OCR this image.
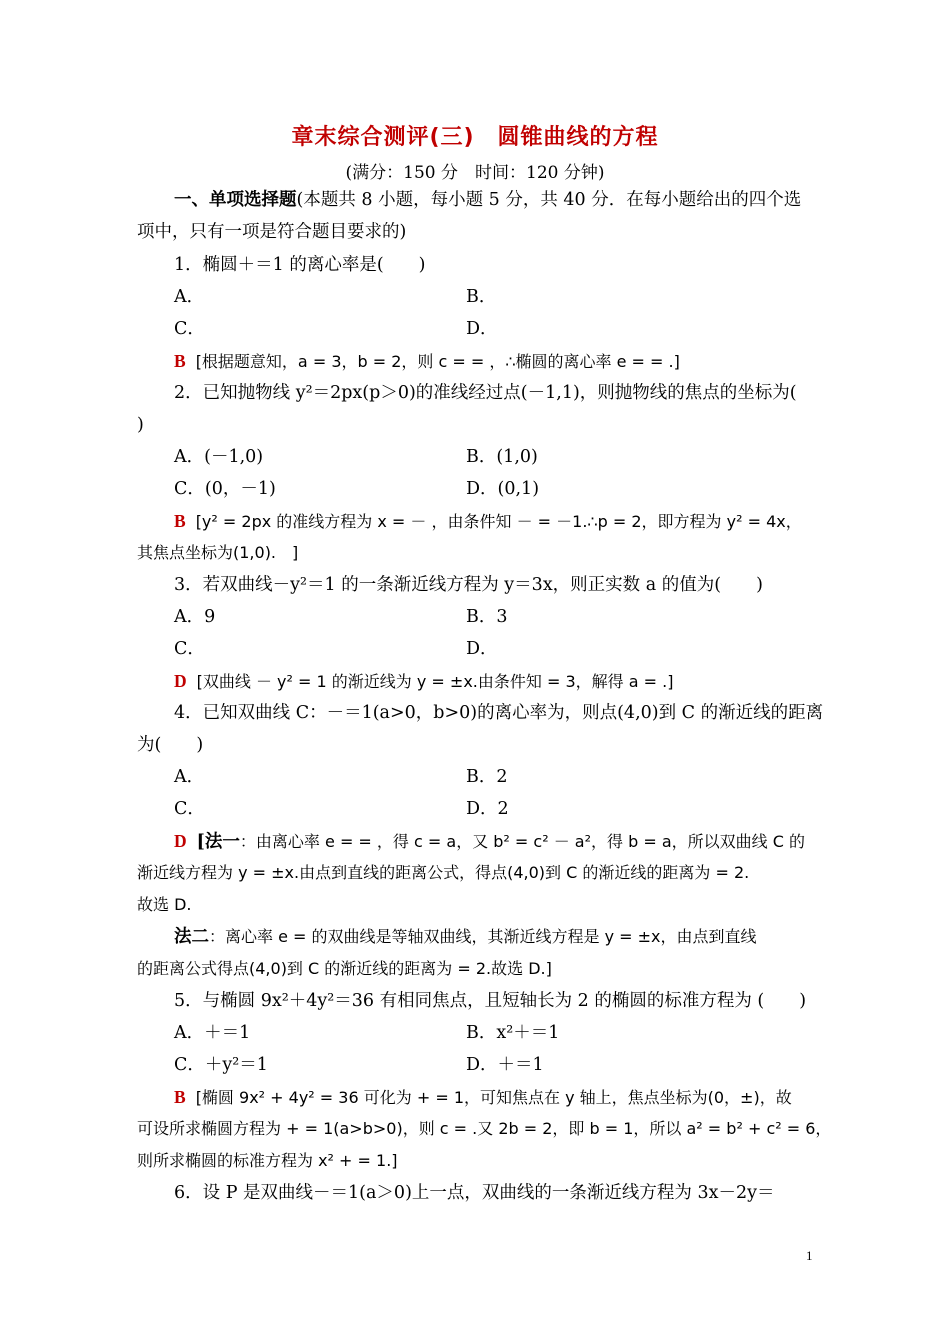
章末综合测评(三)　圆锥曲线的方程
(满分：150 分　时间：120 分钟)
一、单项选择题(本题共 8 小题，每小题 5 分，共 40 分．在每小题给出的四个选
项中，只有一项是符合题目要求的)
1．椭圆＋＝1 的离心率是(　　)
A．	B．
C．	D．
B [根据题意知，a = 3，b = 2，则 c = = ，∴椭圆的离心率 e = = .]
2．已知抛物线 y²＝2px(p＞0)的准线经过点(－1,1)，则抛物线的焦点的坐标为(
)
A．(－1,0)	B．(1,0)
C．(0，－1)	D．(0,1)
B [y² = 2px 的准线方程为 x = － ，由条件知 － = －1.∴p = 2，即方程为 y² = 4x，
其焦点坐标为(1,0).　]
3．若双曲线－y²＝1 的一条渐近线方程为 y＝3x，则正实数 a 的值为(　　)
A．9	B．3
C．	D．
D [双曲线 － y² = 1 的渐近线为 y = ±x.由条件知 = 3，解得 a = .]
4．已知双曲线 C：－＝1(a>0，b>0)的离心率为，则点(4,0)到 C 的渐近线的距离
为(　　)
A．	B．2
C．	D．2
D [法一：由离心率 e = = ，得 c = a，又 b² = c² － a²，得 b = a，所以双曲线 C 的
渐近线方程为 y = ±x.由点到直线的距离公式，得点(4,0)到 C 的渐近线的距离为 = 2.
故选 D.
法二：离心率 e = 的双曲线是等轴双曲线，其渐近线方程是 y = ±x，由点到直线
的距离公式得点(4,0)到 C 的渐近线的距离为 = 2.故选 D.]
5．与椭圆 9x²＋4y²＝36 有相同焦点，且短轴长为 2 的椭圆的标准方程为 (　　)
A．＋＝1	B．x²＋＝1
C．＋y²＝1	D．＋＝1
B [椭圆 9x² + 4y² = 36 可化为 + = 1，可知焦点在 y 轴上，焦点坐标为(0，±)，故
可设所求椭圆方程为 + = 1(a>b>0)，则 c = .又 2b = 2，即 b = 1，所以 a² = b² + c² = 6，
则所求椭圆的标准方程为 x² + = 1.]
6．设 P 是双曲线－＝1(a＞0)上一点，双曲线的一条渐近线方程为 3x－2y＝
1
